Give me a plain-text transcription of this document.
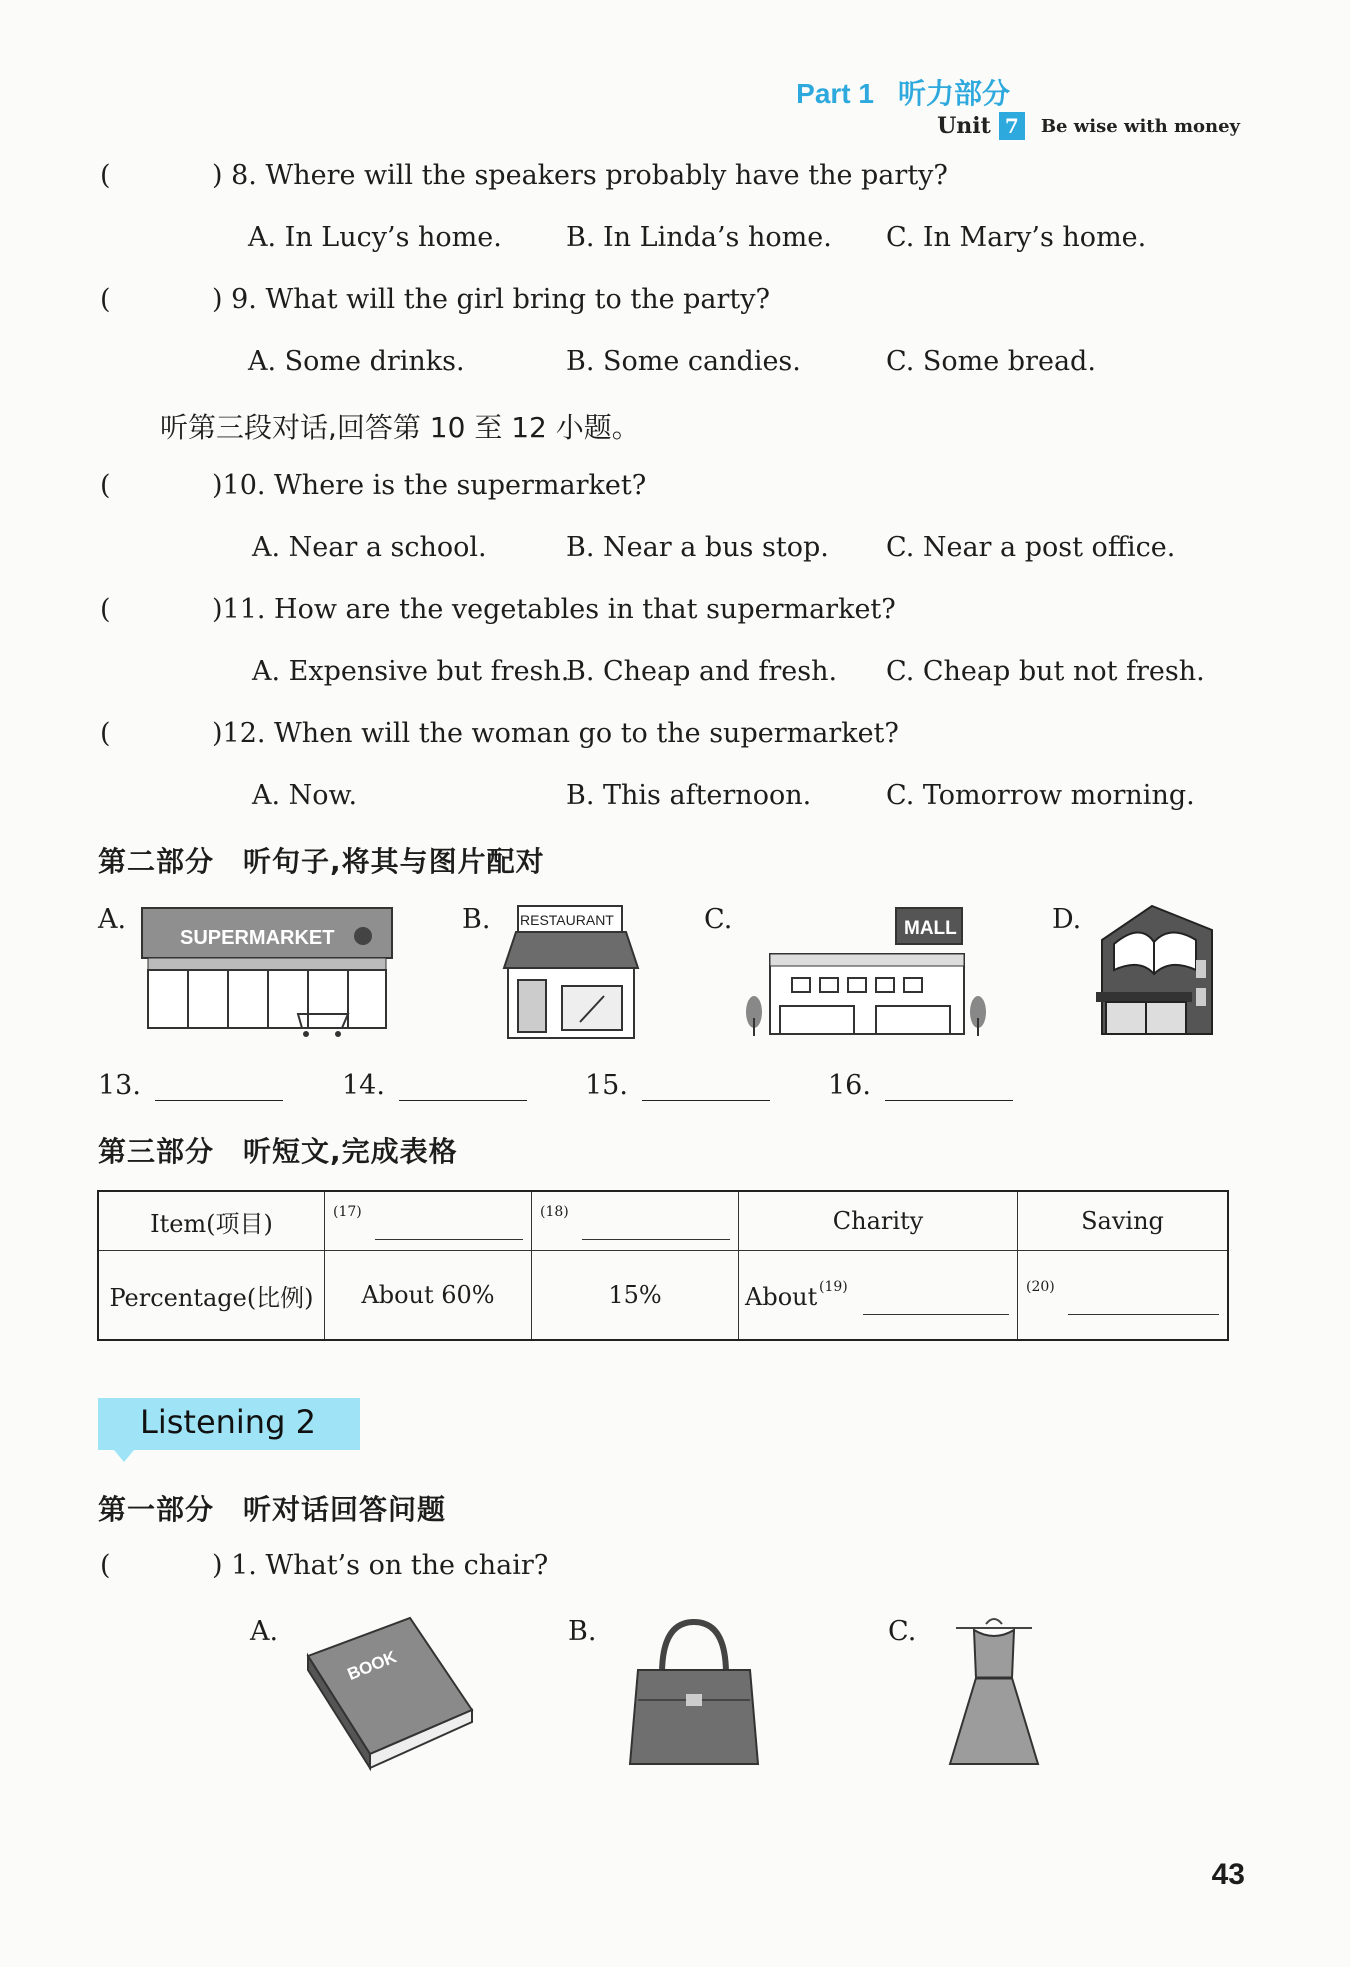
Part 1 听力部分
Unit 7	Be wise with money
(	) 8. Where will the speakers probably have the party?
A. In Lucy’s home. B. In Linda’s home. C. In Mary’s home.
(	) 9. What will the girl bring to the party?
A. Some drinks.	B. Some candies.	C. Some bread.
听第三段对话,回答第 10 至 12 小题。
(	)10. Where is the supermarket?
A. Near a school.	B. Near a bus stop. C. Near a post office.
(	)11. How are the vegetables in that supermarket?
A. Expensive but fresh.
B. Cheap and fresh. C. Cheap but not fresh.
(	)12. When will the woman go to the supermarket?
A. Now.	B. This afternoon.	C. Tomorrow morning.
第二部分　听句子,将其与图片配对
A.
SUPERMARKET
B. RESTAURANT	C.	MALL	D.
13.	14.	15.	16.
第三部分　听短文,完成表格
Item(项目)	(17)	(18)	Charity	Saving
Percentage(比例)	About 60%	15%	About (19)	(20)
Listening 2
第一部分　听对话回答问题
(	) 1. What’s on the chair?
A.
BOOK
B.	C.
43
